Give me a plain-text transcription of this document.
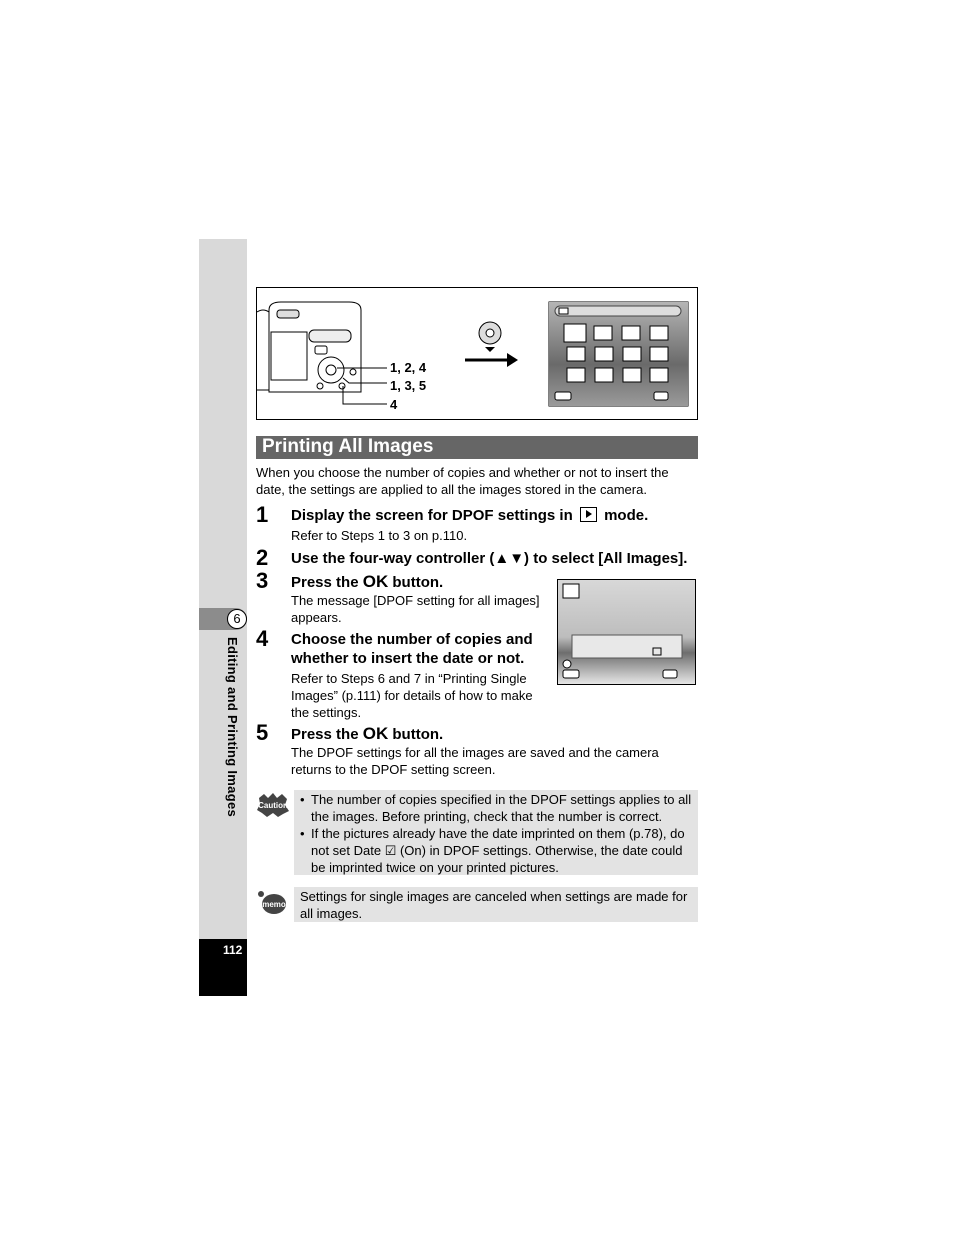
6
Editing and Printing Images
112
1, 2, 4
1, 3, 5
4
Printing All Images
When you choose the number of copies and whether or not to insert the date, the settings are applied to all the images stored in the camera.
1 Display the screen for DPOF settings in mode.
Refer to Steps 1 to 3 on p.110.
2 Use the four-way controller (▲▼) to select [All Images].
3 Press the OK button.
The message [DPOF setting for all images] appears.
4 Choose the number of copies and whether to insert the date or not.
Refer to Steps 6 and 7 in “Printing Single Images” (p.111) for details of how to make the settings.
5 Press the OK button.
The DPOF settings for all the images are saved and the camera returns to the DPOF setting screen.
Caution • The number of copies specified in the DPOF settings applies to all the images. Before printing, check that the number is correct.
• If the pictures already have the date imprinted on them (p.78), do not set Date ☑ (On) in DPOF settings. Otherwise, the date could be imprinted twice on your printed pictures.
memo
Settings for single images are canceled when settings are made for all images.
